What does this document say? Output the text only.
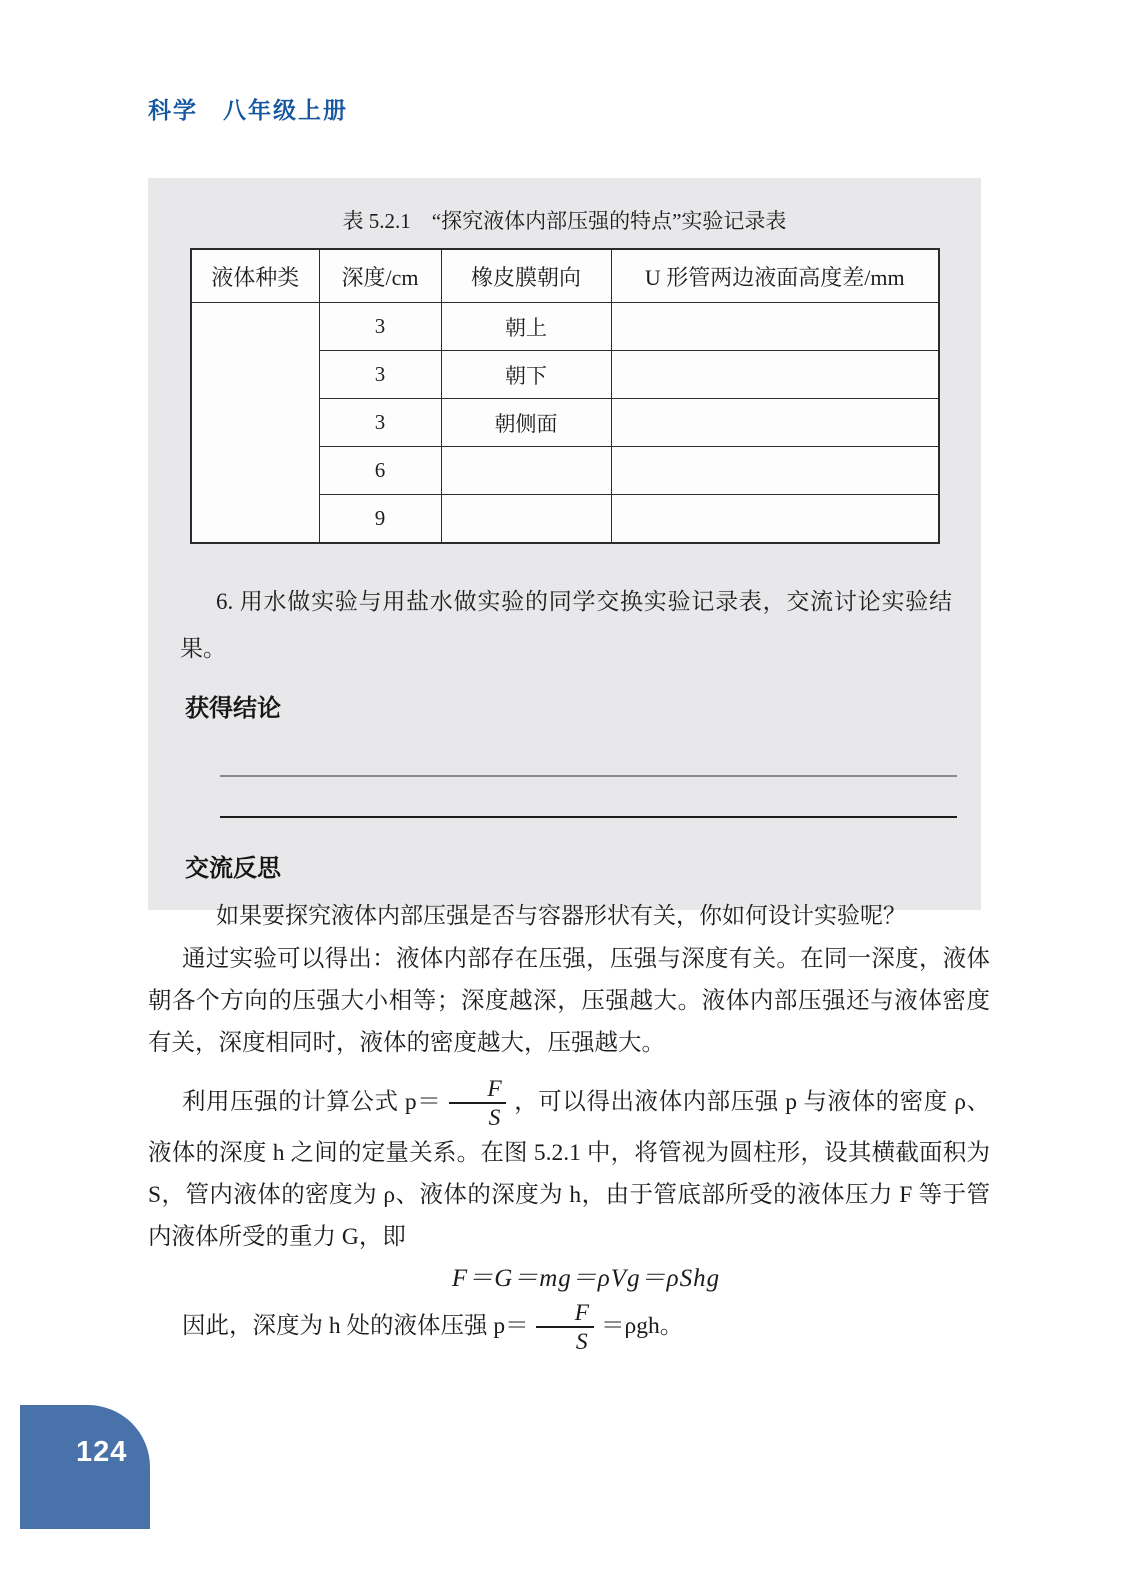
科学　八年级上册
表 5.2.1　“探究液体内部压强的特点”实验记录表
液体种类	深度/cm	橡皮膜朝向	U 形管两边液面高度差/mm
	3	朝上	
	3	朝下	
	3	朝侧面	
	6		
	9		

6. 用水做实验与用盐水做实验的同学交换实验记录表，交流讨论实验结果。

获得结论
交流反思

如果要探究液体内部压强是否与容器形状有关，你如何设计实验呢？

通过实验可以得出：液体内部存在压强，压强与深度有关。在同一深度，液体朝各个方向的压强大小相等；深度越深，压强越大。液体内部压强还与液体密度有关，深度相同时，液体的密度越大，压强越大。

利用压强的计算公式 $p= \frac{F}{S}$ ，可以得出液体内部压强 p 与液体的密度 ρ、液体的深度 h 之间的定量关系。在图 5.2.1 中，将管视为圆柱形，设其横截面积为 S，管内液体的密度为 ρ、液体的深度为 h，由于管底部所受的液体压力 F 等于管内液体所受的重力 G，即

F＝G＝mg＝ρVg＝ρShg

因此，深度为 h 处的液体压强 $p= \frac{F}{S} =\rho gh$。

124
